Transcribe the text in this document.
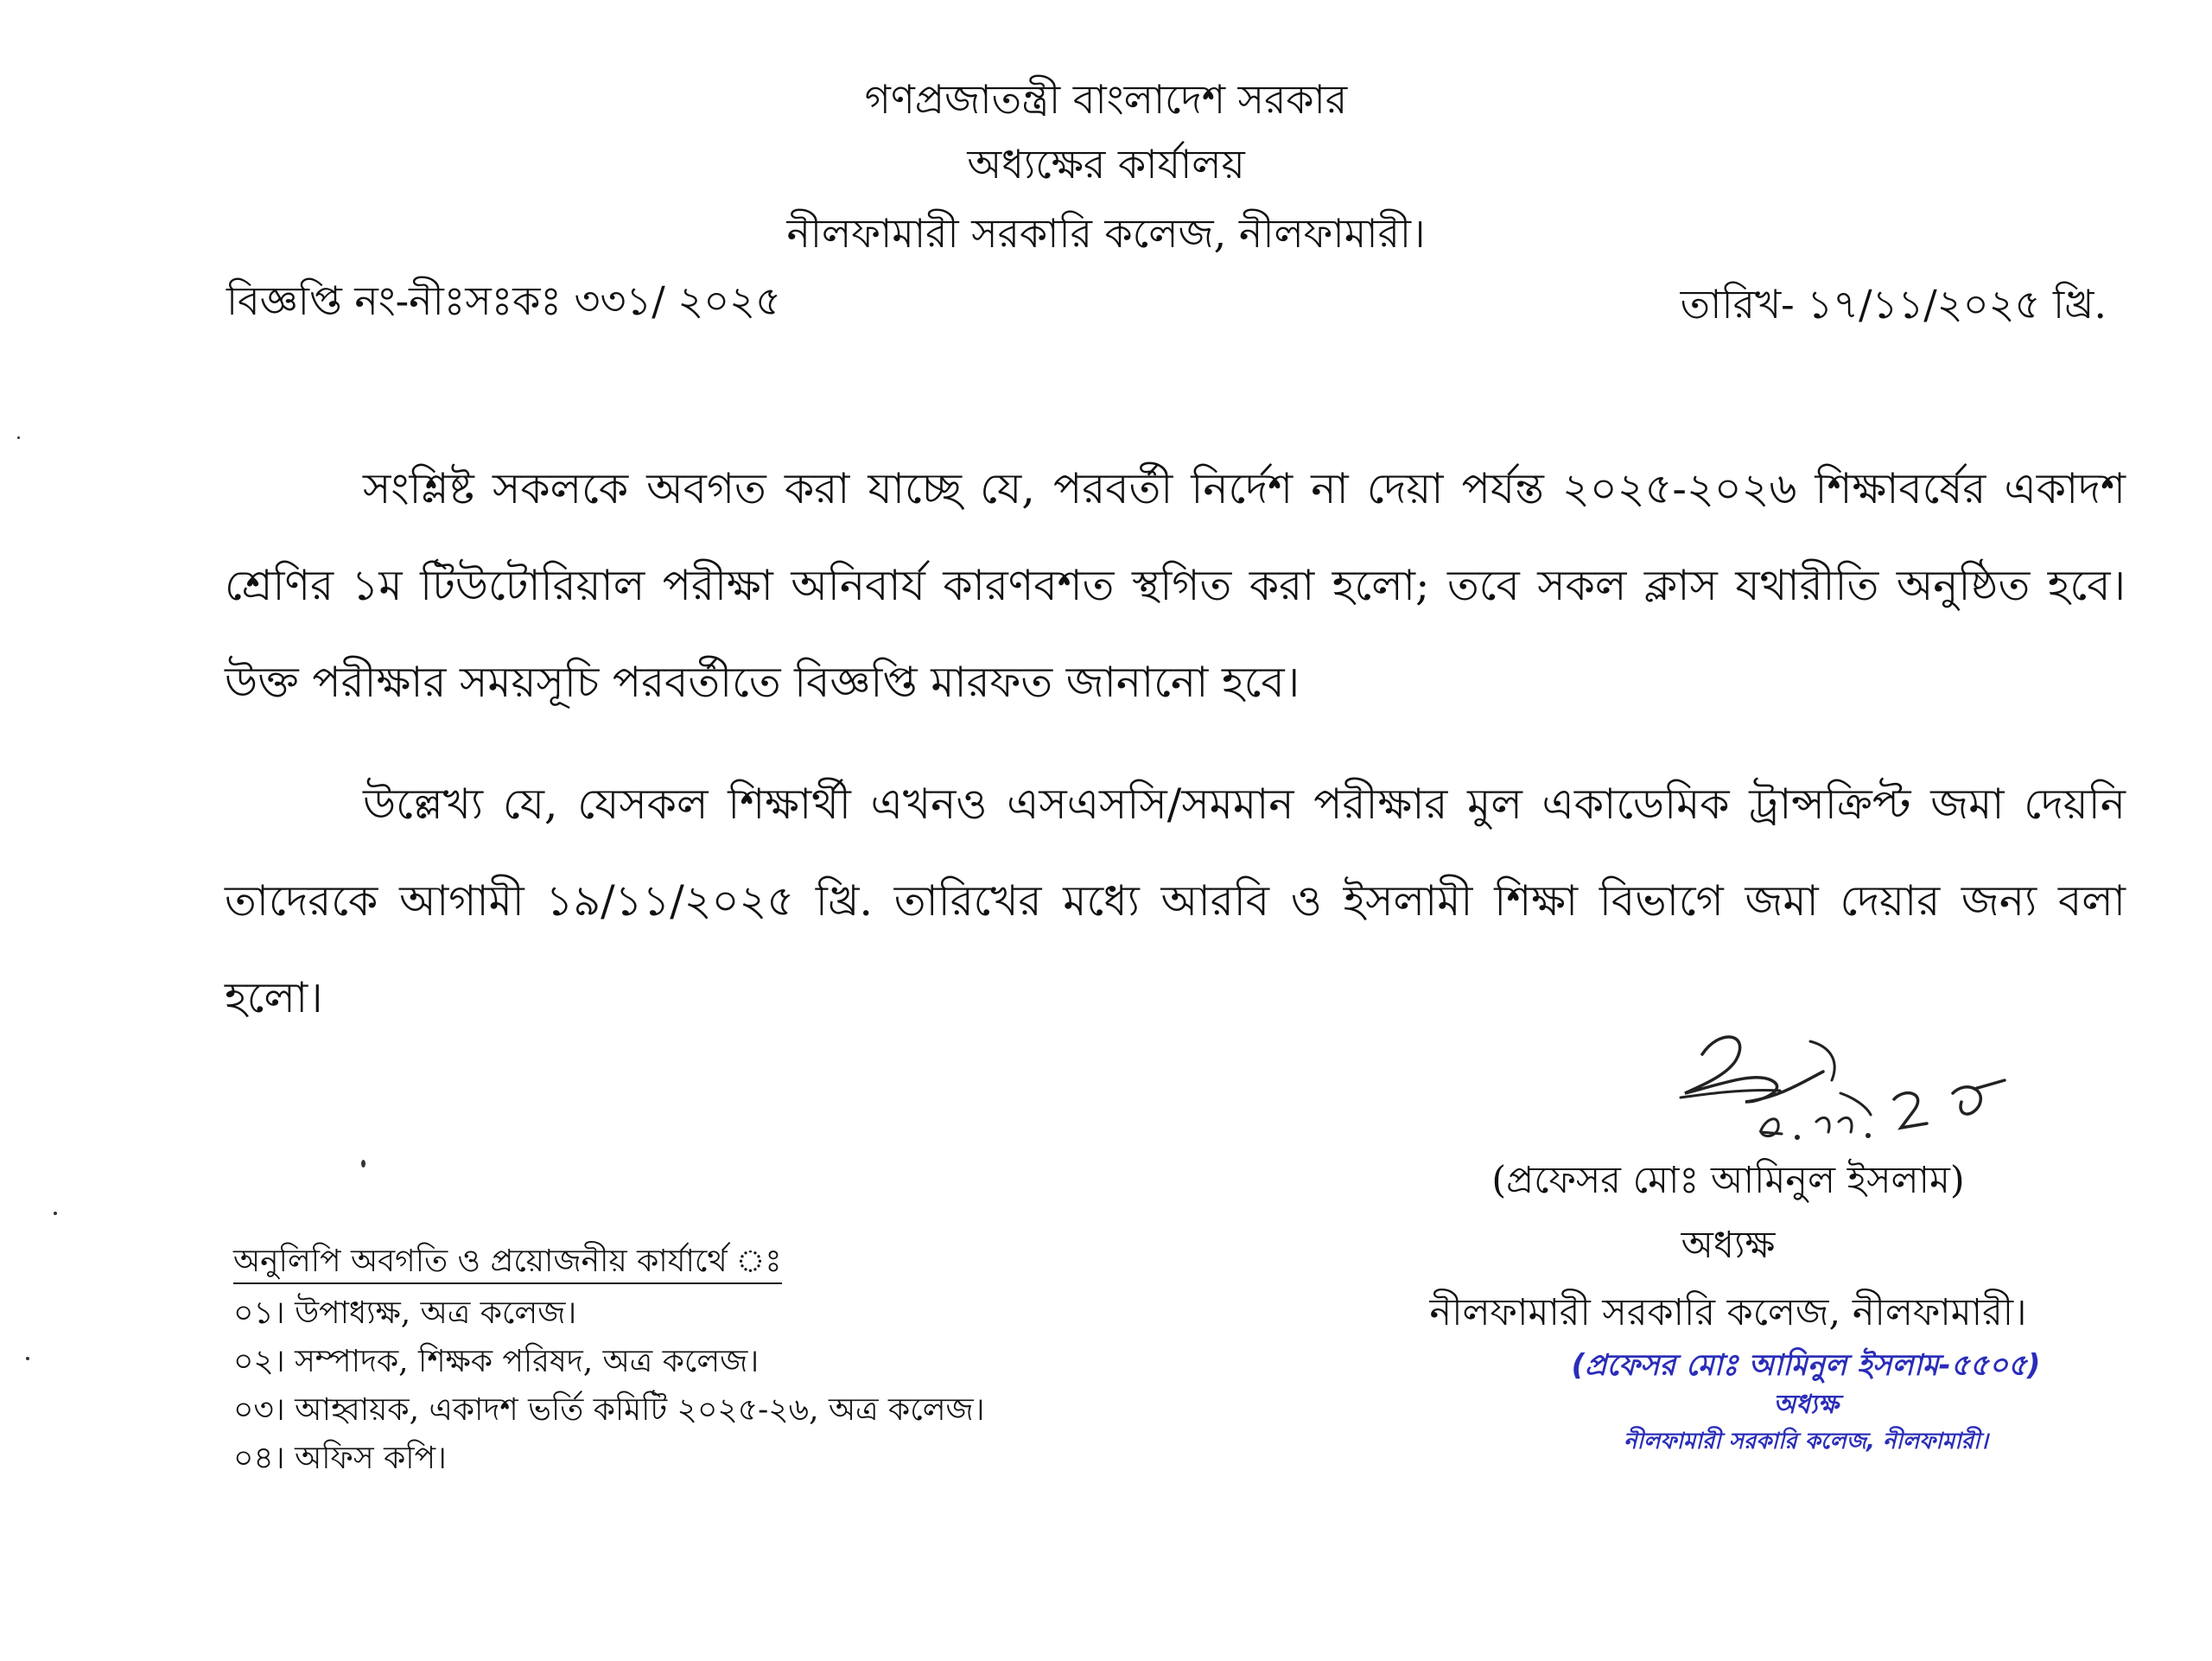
গণপ্রজাতন্ত্রী বাংলাদেশ সরকার
অধ্যক্ষের কার্যালয়
নীলফামারী সরকারি কলেজ, নীলফামারী।
বিজ্ঞপ্তি নং-নীঃসঃকঃ ৩৩১/ ২০২৫	তারিখ- ১৭/১১/২০২৫ খ্রি.
সংশ্লিষ্ট সকলকে অবগত করা যাচ্ছে যে, পরবর্তী নির্দেশ না দেয়া পর্যন্ত ২০২৫-২০২৬ শিক্ষাবর্ষের একাদশ শ্রেণির ১ম টিউটোরিয়াল পরীক্ষা অনিবার্য কারণবশত স্থগিত করা হলো; তবে সকল ক্লাস যথারীতি অনুষ্ঠিত হবে। উক্ত পরীক্ষার সময়সূচি পরবর্তীতে বিজ্ঞপ্তি মারফত জানানো হবে।
উল্লেখ্য যে, যেসকল শিক্ষার্থী এখনও এসএসসি/সমমান পরীক্ষার মুল একাডেমিক ট্রান্সক্রিপ্ট জমা দেয়নি তাদেরকে আগামী ১৯/১১/২০২৫ খ্রি. তারিখের মধ্যে আরবি ও ইসলামী শিক্ষা বিভাগে জমা দেয়ার জন্য বলা হলো।
(প্রফেসর মোঃ আমিনুল ইসলাম)
অধ্যক্ষ
নীলফামারী সরকারি কলেজ, নীলফামারী।
(প্রফেসর মোঃ আমিনুল ইসলাম-৫৫০৫)
অধ্যক্ষ
নীলফামারী সরকারি কলেজ, নীলফামারী।
অনুলিপি অবগতি ও প্রয়োজনীয় কার্যার্থে ঃ
০১। উপাধ্যক্ষ, অত্র কলেজ।
০২। সম্পাদক, শিক্ষক পরিষদ, অত্র কলেজ।
০৩। আহ্বায়ক, একাদশ ভর্তি কমিটি ২০২৫-২৬, অত্র কলেজ।
০৪। অফিস কপি।
